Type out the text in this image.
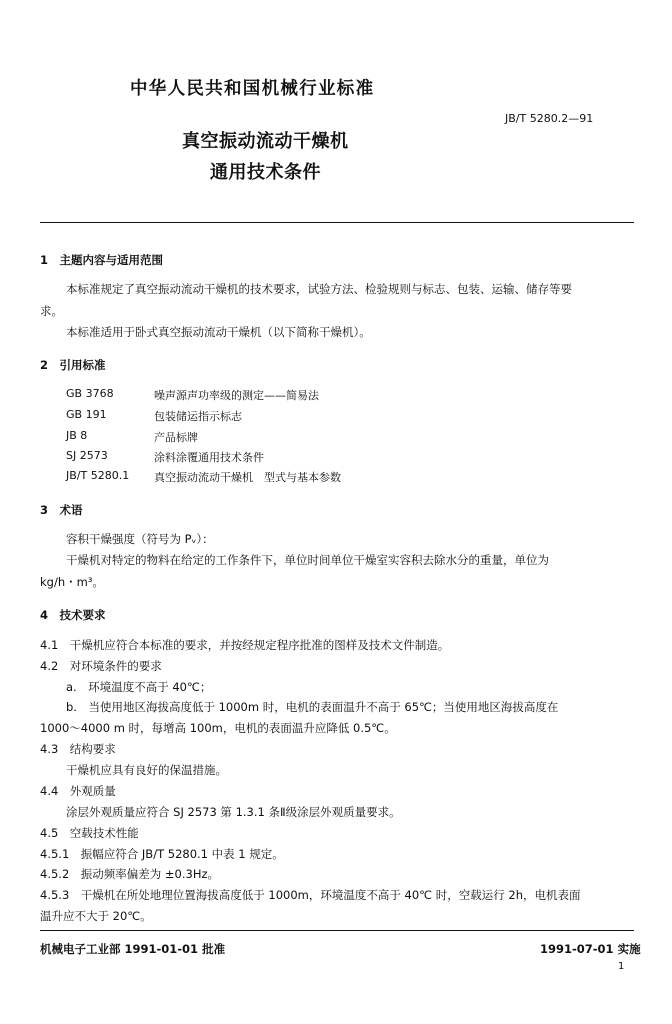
中华人民共和国机械行业标准
JB/T 5280.2—91
真空振动流动干燥机
通用技术条件
1　主题内容与适用范围
本标准规定了真空振动流动干燥机的技术要求，试验方法、检验规则与标志、包装、运输、储存等要
求。
本标准适用于卧式真空振动流动干燥机（以下简称干燥机）。
2　引用标准
GB 3768	噪声源声功率级的测定——简易法
GB 191	包装储运指示标志
JB 8	产品标牌
SJ 2573	涂料涂覆通用技术条件
JB/T 5280.1 真空振动流动干燥机　型式与基本参数
3　术语
容积干燥强度（符号为 Pᵥ）：
干燥机对特定的物料在给定的工作条件下，单位时间单位干燥室实容积去除水分的重量，单位为
kg/h・m³。
4　技术要求
4.1　干燥机应符合本标准的要求，并按经规定程序批准的图样及技术文件制造。
4.2　对环境条件的要求
a.　环境温度不高于 40℃；
b.　当使用地区海拔高度低于 1000m 时，电机的表面温升不高于 65℃；当使用地区海拔高度在
1000～4000 m 时，每增高 100m，电机的表面温升应降低 0.5℃。
4.3　结构要求
干燥机应具有良好的保温措施。
4.4　外观质量
涂层外观质量应符合 SJ 2573 第 1.3.1 条Ⅱ级涂层外观质量要求。
4.5　空载技术性能
4.5.1　振幅应符合 JB/T 5280.1 中表 1 规定。
4.5.2　振动频率偏差为 ±0.3Hz。
4.5.3　干燥机在所处地理位置海拔高度低于 1000m，环境温度不高于 40℃ 时，空载运行 2h，电机表面
温升应不大于 20℃。
机械电子工业部 1991-01-01 批准	1991-07-01 实施
1
